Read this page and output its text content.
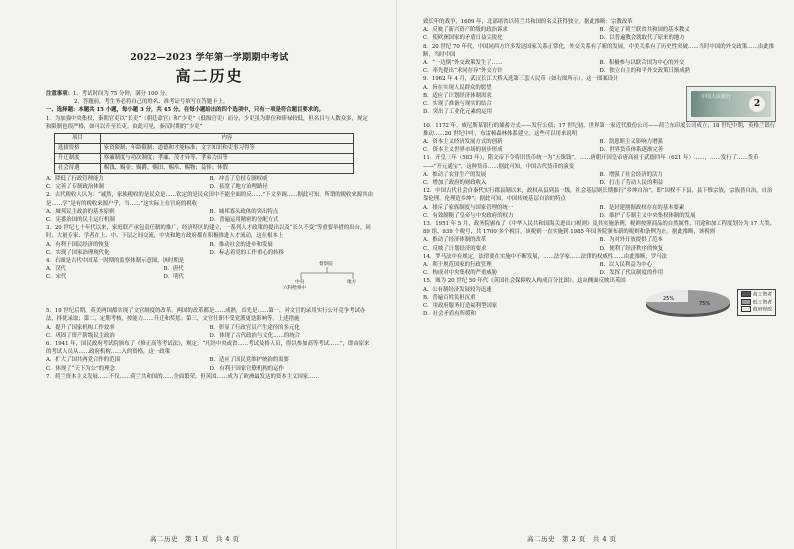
2022—2023 学年第一学期期中考试
高二历史

注意事项：1、考试时间为 75 分钟，满分 100 分。

2、答题前，考生务必将自己的姓名、准考证号填写在答题卡上。

一、选择题：本题共 15 小题，每小题 3 分，共 45 分。在每小题给出的四个选项中，只有一项是符合题目要求的。

1．为加强中央集权，秦朝官吏以“长吏”（朝廷命官）和“少吏”（低级官吏）而分，少吏虽为职位和俸禄较低，但名目与人数众多，规定和限制也很严格，如可以升至长吏。由此可见，秦汉时期的“少吏”

项目	内容
选拔资格	家资限制；年龄限制；道德和才能标准；文字知识和吏事习得等
升迁制度	察廉制度与功次制度；孝廉、茂才异等、孝弟力田等
社会待遇	赐钱、赐金；赐爵、赐田、赐帛、赐物；益俸；休假
A．降低了行政管理能力	B．冲击了皇权专制权威
C．完善了专制政治体制	D．拓宽了地方治理路径

2．古代税收人认为：“诚然，家族税收的是民众是……钦定的是民众田中不能全面的反……”下文举调……据此可知，所谓的税收来源其由是……学“是有的税收来源户乎，当……”这实际上在官府的税收

A．城邦民主政治的基本原则	B．城邦寡头政体的突出特点
C．宪番治国的民主运行机制	D．普遍运用精密的分配方式

3．20 世纪七十年代以来，家庭联产承包责任制的推广，经济特区的建立，一系列人才政策的提出以及“长久不变”等重要举措的出台，同时，大量专家、学者在上、中、下层之间交流，中央和地方政府都在积极推进人才流动，这在根本上

A．有利于国民经济的恢复	B．推动社会的进步和发展
C．实现了国家治理现代化	D．标志着党的工作重心的转移

4．右图是古代中国某一时期的监察体制示意图，该时期是

A．汉代	B．唐代
C．宋代	D．明代
督察院
中央	地方
六科给事中

5．19 世纪后期，英美两国都实现了文官制度的改革。两国的改革都是……成熟，首先是……第一，对文官的录用实行公开竞争考试办法，择优录取；第二，定期考核，按能力……升迁和奖惩；第三，文官任职不受党派更迭影响等。上述措施

A．提升了国家机构工作效率	B．彰显了行政官员产生途径的多元化
C．巩固了资产阶级民主政治	D．体现了古代政治与文化……的统合

6．1941 年，国民政府考试院颁布了《修正高等考试法》，规定：“凡经中央或省……考试及格人员，得以参加高等考试……”，即由原来的考试人员从……政府机构……入的资格，这一政策

A．扩大了国共两党合作的范围	B．适应了国民党维护统治的需要
C．体现了“天下为公”的理念	D．有利于国家官僚机构的运作

7．荷兰资本主义发展……不仅……荷兰共和国的……全面繁荣，但英国……成为了欧洲最发达的资本主义国家……

高二历史　第 1 页　共 4 页

致长年的战争，1609 年，北部诸省以荷兰共和国的名义获得独立。据此推断：宗教改革

A．反映了新兴资产阶级的政治诉求	B．奠定了荷兰联省共和国的基本教义
C．使欧洲国家的矛盾日益尖锐化	D．以普遍教会就取代了原来的地方

8．20 世纪 70 年代，中国同西方许多发达国家关系正常化，外交关系有了新的发展，中美关系有了历史性突破……当时中国的外交政策……由此推断，当时中国

A．“一边倒”外交政策发生了……	B．积极参与以联合国为中心的外交
C．率先提出“求同存异”外交方针	D．独立自主的和平外交政策日渐成熟

9．1962 年 4 月，武汉长江大桥入选第三套人民币（如右图所示）。这一图案设计

A．旨在实现人民群众的愿望
B．适应了计划经济体制需求
C．实现了准备与现实的结合
D．突出了工业化元素的运用
中国人民银行
2

10．1172 年，威尼斯某银行的储蓄方式——发行公债；17 世纪初，世界第一家近代股份公司——荷兰东印度公司成立；18 世纪中期，英格兰银行推动……20 世纪中叶，布雷顿森林体系建立。这些可以用来说明

A．资本主义经济发展方式的创新	B．凯恩斯主义影响力增强
C．资本主义世界市场的初步形成	D．世界货币体系逐渐完善

11．开皇三年（583 年），隋文帝下令将旧货币统一为“五铢钱”，……唐朝开国皇帝唐高祖于武德四年（621 年）……，……发行了……货币——“开元通宝”，这种货币……据此可知，中国古代货币的演变

A．推动了农业生产的发展	B．增强了社会经济的活力
C．增加了政府的财政收入	D．打击了劳动人民的利益

12．中国古代社会自秦代实行郡县制以来，政权从县到县一级，社会基层则长期推行“乡绅自治”，即“国权不下县，县下惟宗族，宗族皆自治，自治靠伦理，伦理造乡绅”。据此可知，中国传统基层自治的特点

A．排斥了家族制度与国家管理的统一	B．是封建割据政权存在的基本要素
C．有效制衡了皇帝与中央政府的权力	D．维护了专制主义中央集权体制的发展

13．1951 年 5 月，政务院颁布了《中华人民共和国海关进出口税则》及其实施条例，税则按照商品的自然属性、用途和加工程度划分为 17 大类、89 组、939 个税号，共 1700 多个税目。该税则一直实施到 1985 年国务院颁布新的税则和条例为止。据此推断，该税则

A．推动了经济体制的改革	B．为对外开放提供了范本
C．反映了计划经济的要求	D．便利了经济秩序的恢复

14．罗马法中有规定，法律要在实施中不断发展，……法学家……法律的权威性……由此推断，罗马法

A．利于规范国家的行政管理	B．以人民利益为中心
C．构成对中央集权的严重威胁	D．发挥了代议制度的作用

15．图为 20 世纪 50 年代《英国社会保障收入构成百分比图》。这从侧面反映出英国

A．公有制经济发展较为迅速
B．普遍百姓负担沉重
C．用政府服务打造福利型国家
D．社会矛盾有所缓和
25%
75%
高工资者
低工资者
政府财政
高二历史　第 2 页　共 4 页
